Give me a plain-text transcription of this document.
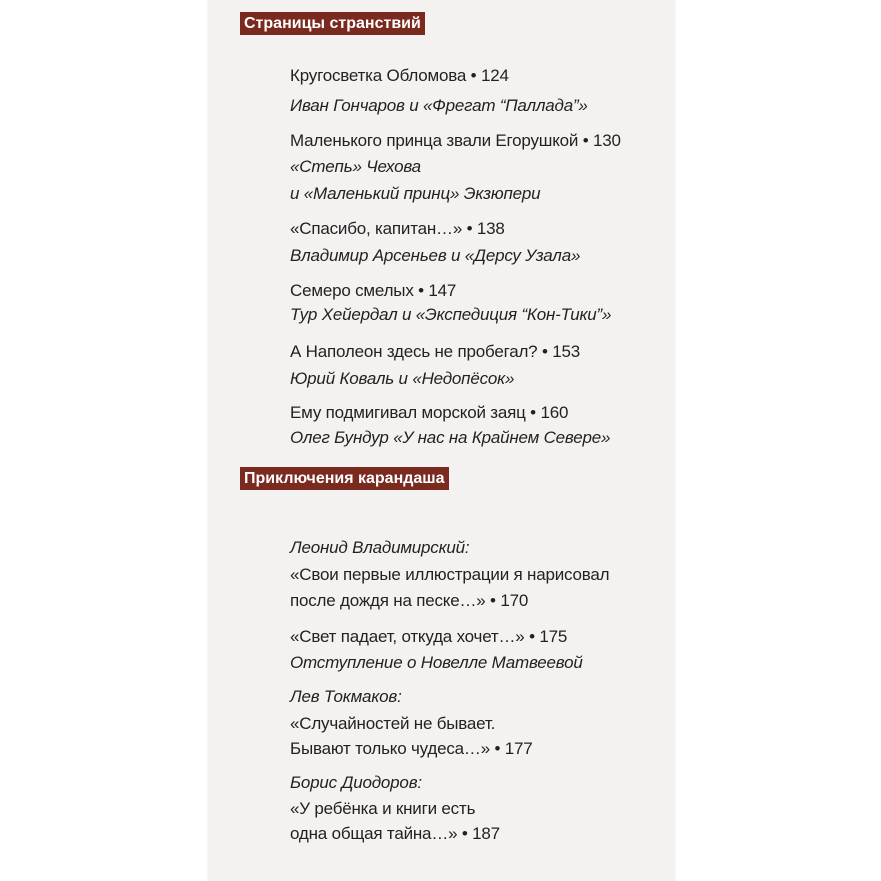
Страницы странствий
Кругосветка Обломова • 124
Иван Гончаров и «Фрегат “Паллада”»
Маленького принца звали Егорушкой • 130
«Степь» Чехова
и «Маленький принц» Экзюпери
«Спасибо, капитан…» • 138
Владимир Арсеньев и «Дерсу Узала»
Семеро смелых • 147
Тур Хейердал и «Экспедиция “Кон-Тики”»
А Наполеон здесь не пробегал? • 153
Юрий Коваль и «Недопёсок»
Ему подмигивал морской заяц • 160
Олег Бундур «У нас на Крайнем Севере»
Приключения карандаша
Леонид Владимирский:
«Свои первые иллюстрации я нарисовал
после дождя на песке…» • 170
«Свет падает, откуда хочет…» • 175
Отступление о Новелле Матвеевой
Лев Токмаков:
«Случайностей не бывает.
Бывают только чудеса…» • 177
Борис Диодоров:
«У ребёнка и книги есть
одна общая тайна…» • 187
